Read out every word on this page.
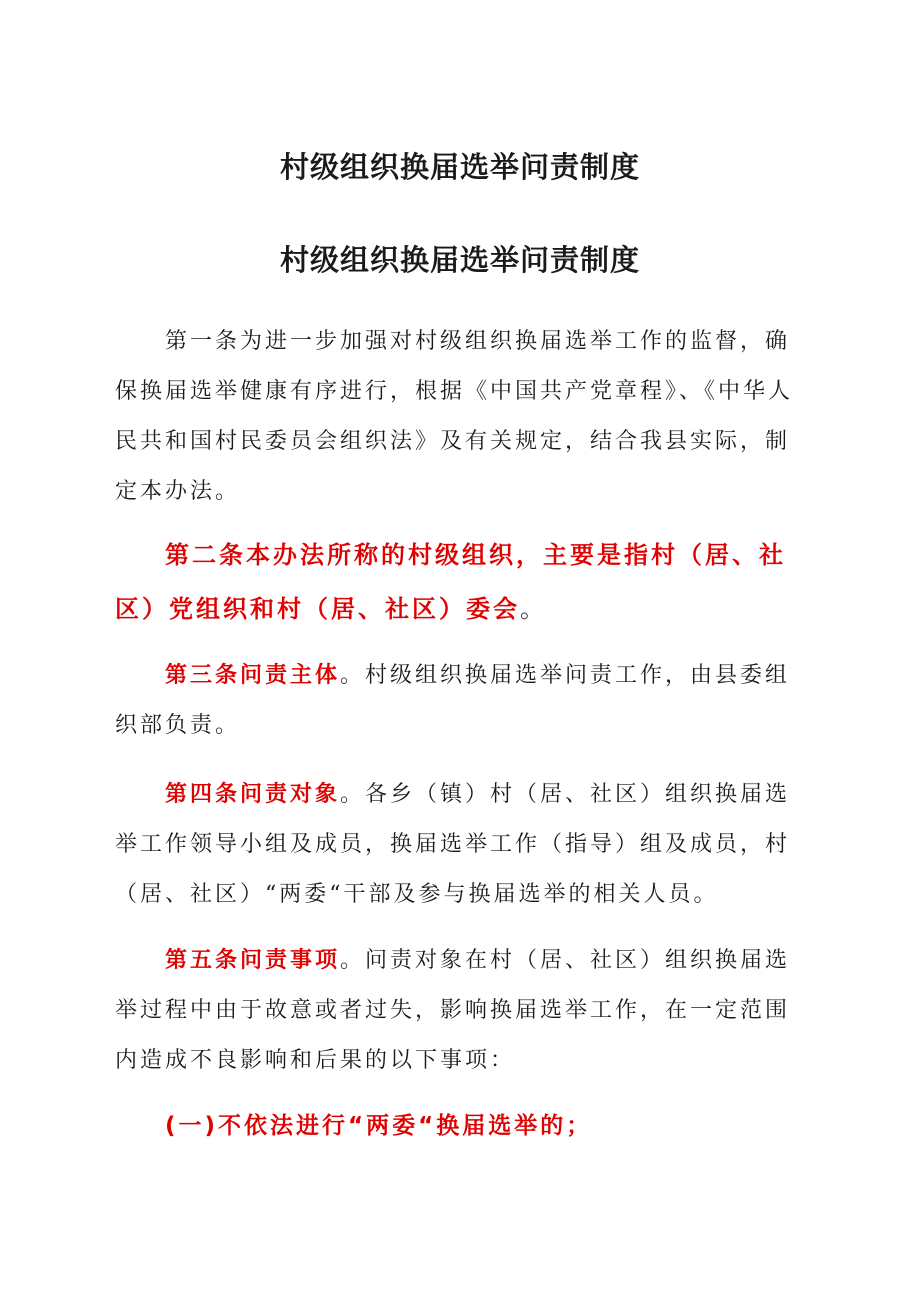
村级组织换届选举问责制度
村级组织换届选举问责制度

第一条为进一步加强对村级组织换届选举工作的监督，确保换届选举健康有序进行，根据《中国共产党章程》、《中华人民共和国村民委员会组织法》及有关规定，结合我县实际，制定本办法。

第二条本办法所称的村级组织，主要是指村（居、社区）党组织和村（居、社区）委会。

第三条问责主体。村级组织换届选举问责工作，由县委组织部负责。

第四条问责对象。各乡（镇）村（居、社区）组织换届选举工作领导小组及成员，换届选举工作（指导）组及成员，村（居、社区）“两委“干部及参与换届选举的相关人员。

第五条问责事项。问责对象在村（居、社区）组织换届选举过程中由于故意或者过失，影响换届选举工作，在一定范围内造成不良影响和后果的以下事项：

(一)不依法进行“两委“换届选举的；
